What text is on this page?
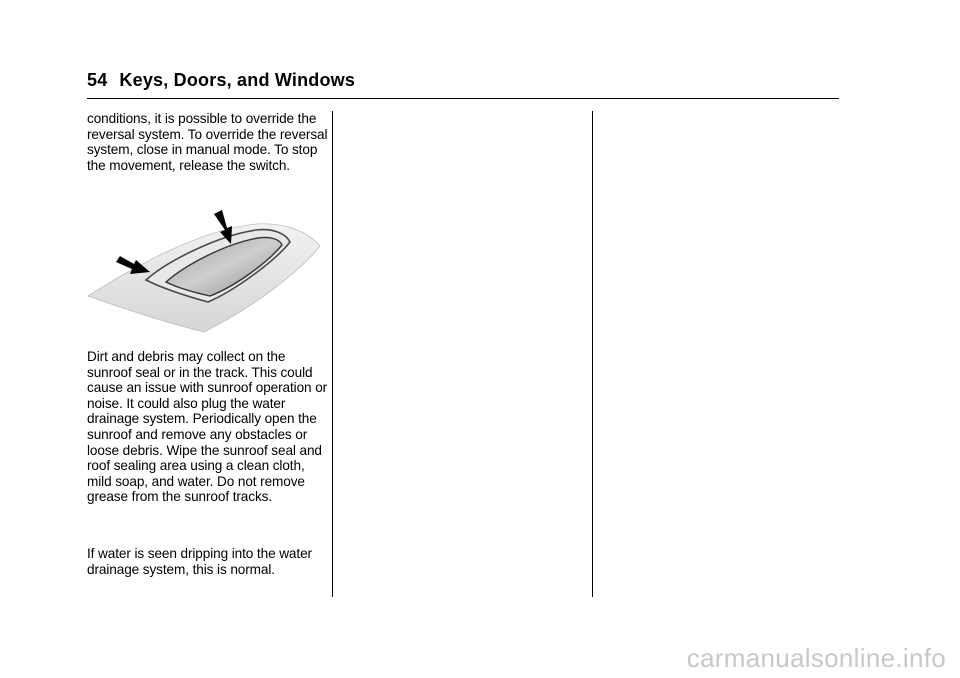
54 Keys, Doors, and Windows

conditions, it is possible to override the reversal system. To override the reversal system, close in manual mode. To stop the movement, release the switch.

Dirt and debris may collect on the sunroof seal or in the track. This could cause an issue with sunroof operation or noise. It could also plug the water drainage system. Periodically open the sunroof and remove any obstacles or loose debris. Wipe the sunroof seal and roof sealing area using a clean cloth, mild soap, and water. Do not remove grease from the sunroof tracks.

If water is seen dripping into the water drainage system, this is normal.

carmanualsonline.info
